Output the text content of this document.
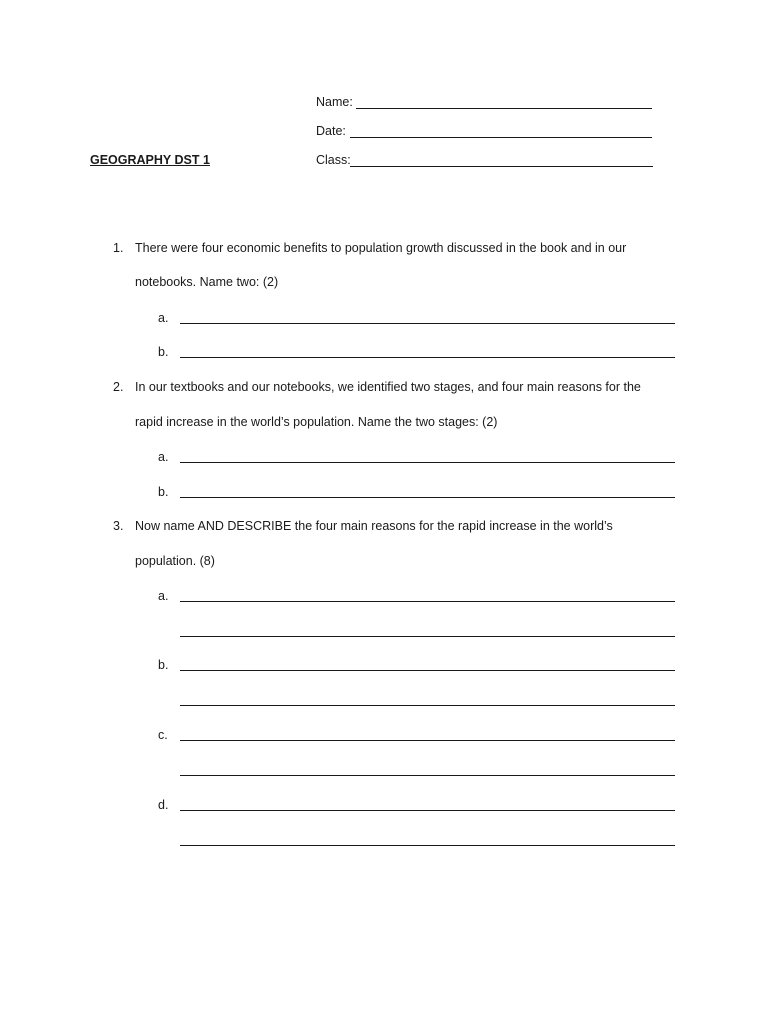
Name:
Date:
GEOGRAPHY DST 1	Class:
1. There were four economic benefits to population growth discussed in the book and in our
notebooks. Name two: (2)
a.
b.
2. In our textbooks and our notebooks, we identified two stages, and four main reasons for the
rapid increase in the world’s population. Name the two stages: (2)
a.
b.
3. Now name AND DESCRIBE the four main reasons for the rapid increase in the world’s
population. (8)
a.
b.
c.
d.
